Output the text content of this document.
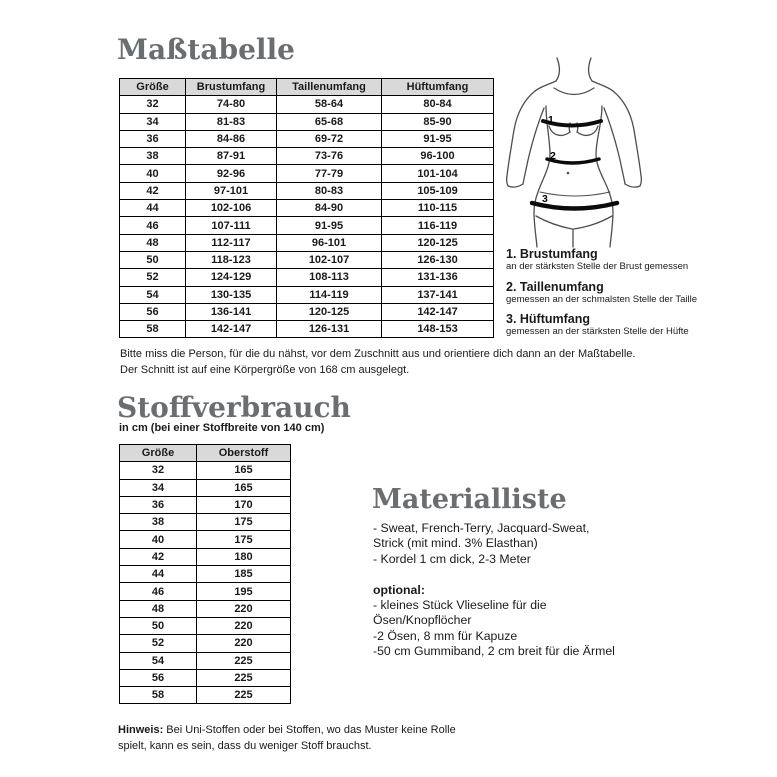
Maßtabelle
Größe	Brustumfang	Taillenumfang	Hüftumfang
32	74-80	58-64	80-84
34	81-83	65-68	85-90
36	84-86	69-72	91-95
38	87-91	73-76	96-100
40	92-96	77-79	101-104
42	97-101	80-83	105-109
44	102-106	84-90	110-115
46	107-111	91-95	116-119
48	112-117	96-101	120-125
50	118-123	102-107	126-130
52	124-129	108-113	131-136
54	130-135	114-119	137-141
56	136-141	120-125	142-147
58	142-147	126-131	148-153
Bitte miss die Person, für die du nähst, vor dem Zuschnitt aus und orientiere dich dann an der Maßtabelle.
Der Schnitt ist auf eine Körpergröße von 168 cm ausgelegt.
1
2
3
1. Brustumfang
an der stärksten Stelle der Brust gemessen
2. Taillenumfang
gemessen an der schmalsten Stelle der Taille
3. Hüftumfang
gemessen an der stärksten Stelle der Hüfte
Stoffverbrauch
in cm (bei einer Stoffbreite von 140 cm)
Größe	Oberstoff
32	165
34	165
36	170
38	175
40	175
42	180
44	185
46	195
48	220
50	220
52	220
54	225
56	225
58	225
Materialliste
- Sweat, French-Terry, Jacquard-Sweat,
Strick (mit mind. 3% Elasthan)
- Kordel 1 cm dick, 2-3 Meter
optional:
- kleines Stück Vlieseline für die
Ösen/Knopflöcher
-2 Ösen, 8 mm für Kapuze
-50 cm Gummiband, 2 cm breit für die Ärmel
Hinweis: Bei Uni-Stoffen oder bei Stoffen, wo das Muster keine Rolle
spielt, kann es sein, dass du weniger Stoff brauchst.
